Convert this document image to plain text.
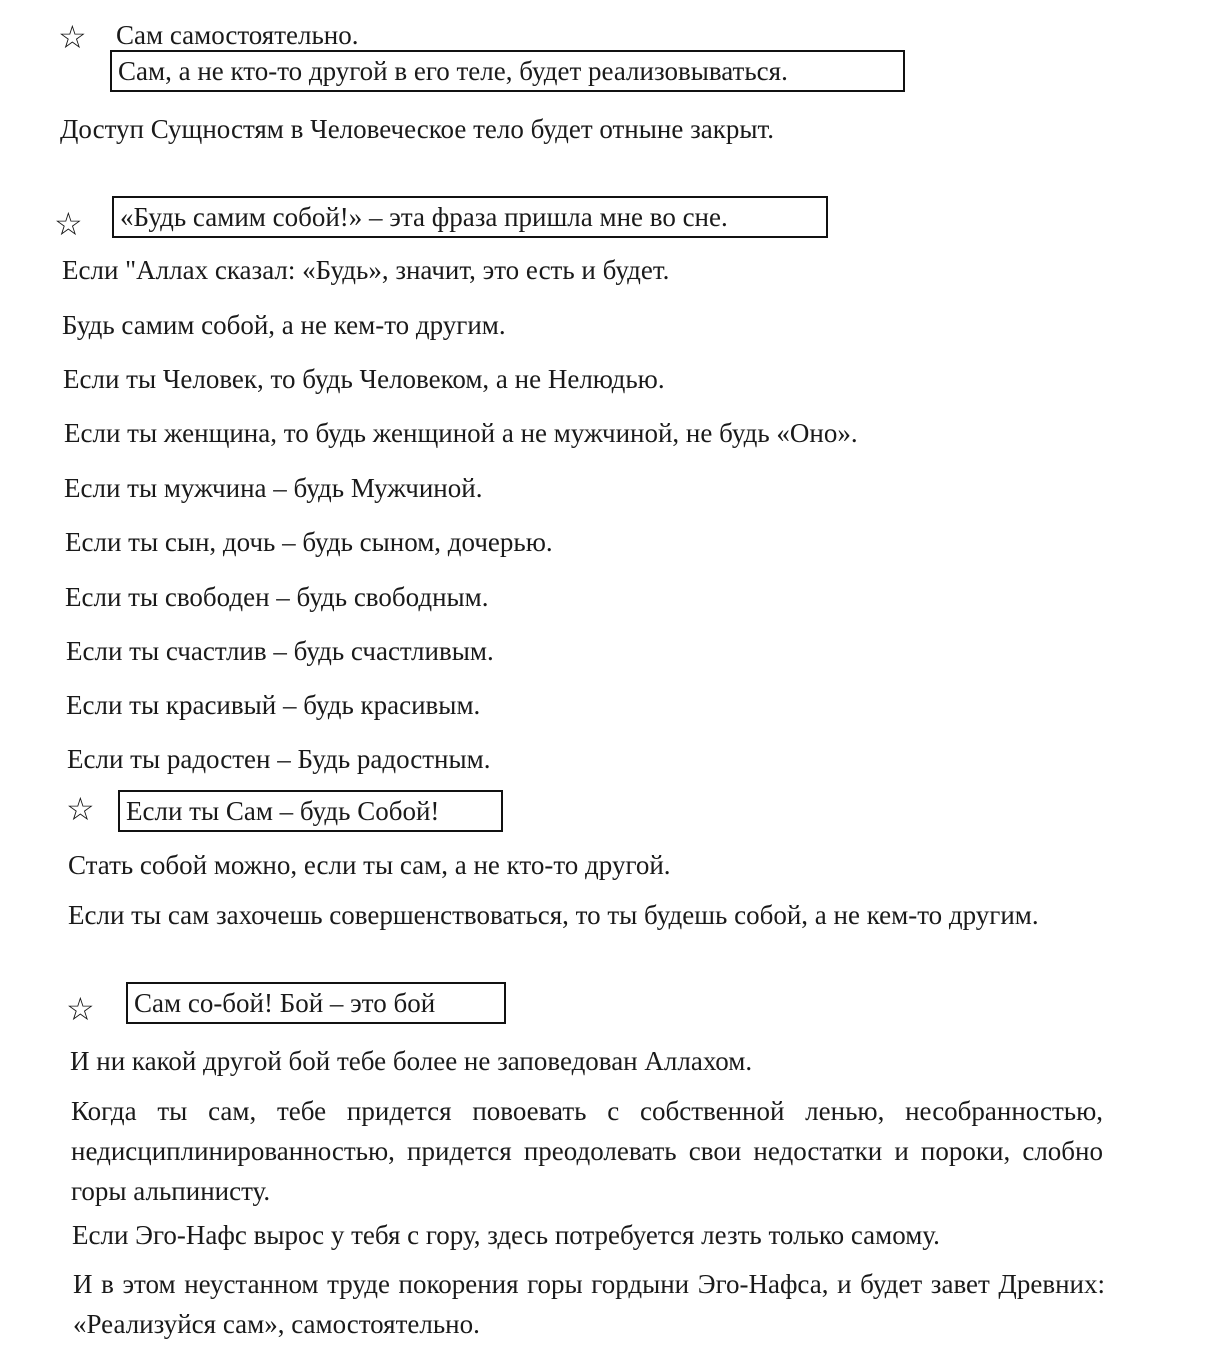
☆ Сам самостоятельно.
Сам, а не кто-то другой в его теле, будет реализовываться.
Доступ Сущностям в Человеческое тело будет отныне закрыт.
☆ «Будь самим собой!» – эта фраза пришла мне во сне.
Если "Аллах сказал: «Будь», значит, это есть и будет.
Будь самим собой, а не кем-то другим.
Если ты Человек, то будь Человеком, а не Нелюдью.
Если ты женщина, то будь женщиной а не мужчиной, не будь «Оно».
Если ты мужчина – будь Мужчиной.
Если ты сын, дочь – будь сыном, дочерью.
Если ты свободен – будь свободным.
Если ты счастлив – будь счастливым.
Если ты красивый – будь красивым.
Если ты радостен – Будь радостным.
☆ Если ты Сам – будь Собой!
Стать собой можно, если ты сам, а не кто-то другой.
Если ты сам захочешь совершенствоваться, то ты будешь собой, а не кем-то другим.
☆ Сам со-бой! Бой – это бой
И ни какой другой бой тебе более не заповедован Аллахом.
Когда ты сам, тебе придется повоевать с собственной ленью, несобранностью, недисциплинированностью, придется преодолевать свои недостатки и пороки, слобно горы альпинисту.
Если Эго-Нафс вырос у тебя с гору, здесь потребуется лезть только самому.
И в этом неустанном труде покорения горы гордыни Эго-Нафса, и будет завет Древних: «Реализуйся сам», самостоятельно.
